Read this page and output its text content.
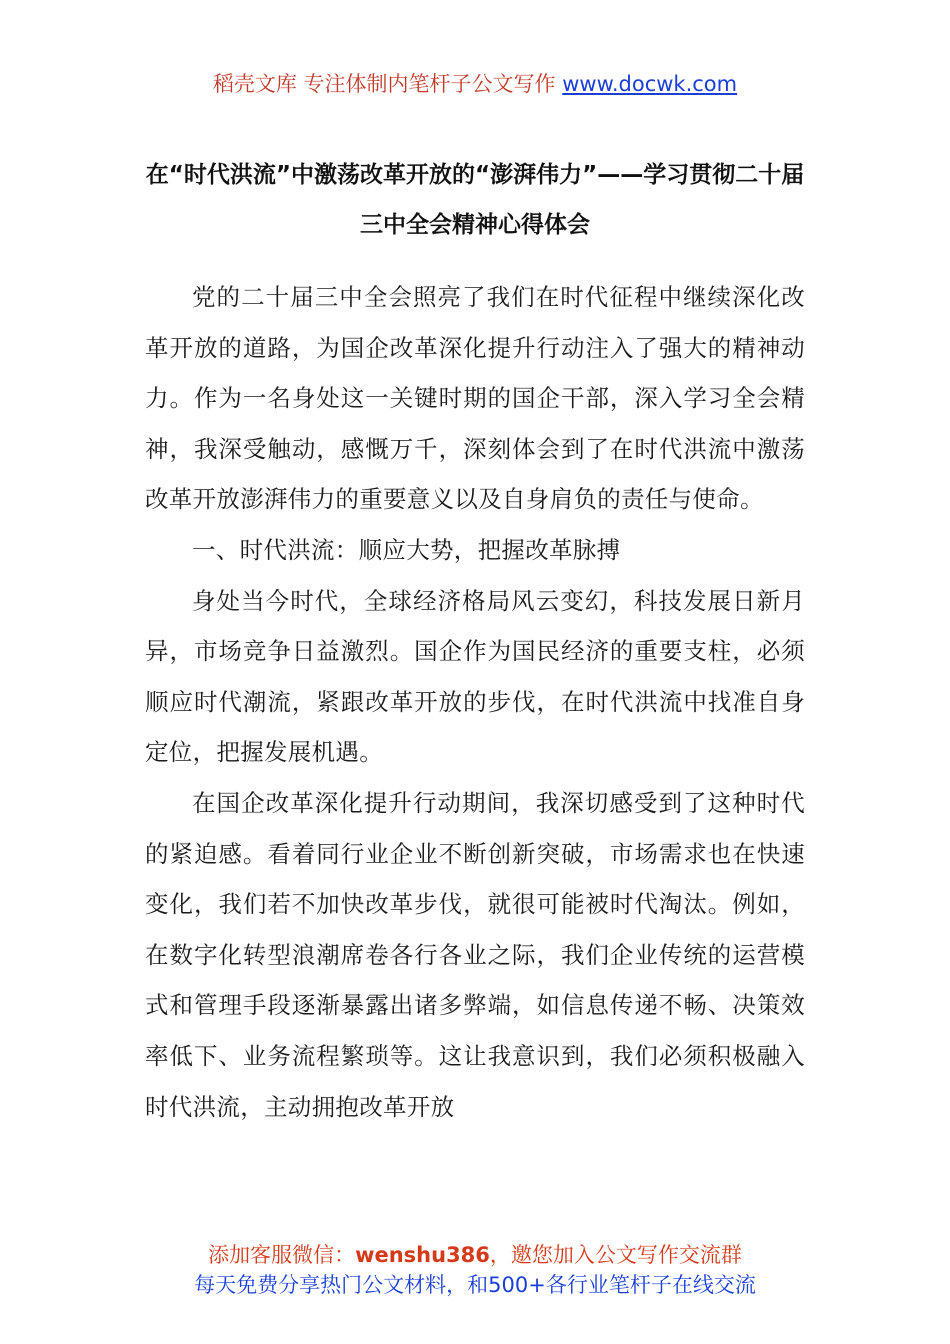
稻壳文库 专注体制内笔杆子公文写作 www.docwk.com
在“时代洪流”中激荡改革开放的“澎湃伟力”——学习贯彻二十届三中全会精神心得体会

党的二十届三中全会照亮了我们在时代征程中继续深化改革开放的道路，为国企改革深化提升行动注入了强大的精神动力。作为一名身处这一关键时期的国企干部，深入学习全会精神，我深受触动，感慨万千，深刻体会到了在时代洪流中激荡改革开放澎湃伟力的重要意义以及自身肩负的责任与使命。

一、时代洪流：顺应大势，把握改革脉搏

身处当今时代，全球经济格局风云变幻，科技发展日新月异，市场竞争日益激烈。国企作为国民经济的重要支柱，必须顺应时代潮流，紧跟改革开放的步伐，在时代洪流中找准自身定位，把握发展机遇。

在国企改革深化提升行动期间，我深切感受到了这种时代的紧迫感。看着同行业企业不断创新突破，市场需求也在快速变化，我们若不加快改革步伐，就很可能被时代淘汰。例如，在数字化转型浪潮席卷各行各业之际，我们企业传统的运营模式和管理手段逐渐暴露出诸多弊端，如信息传递不畅、决策效率低下、业务流程繁琐等。这让我意识到，我们必须积极融入时代洪流，主动拥抱改革开放

添加客服微信：wenshu386，邀您加入公文写作交流群
每天免费分享热门公文材料，和500+各行业笔杆子在线交流
